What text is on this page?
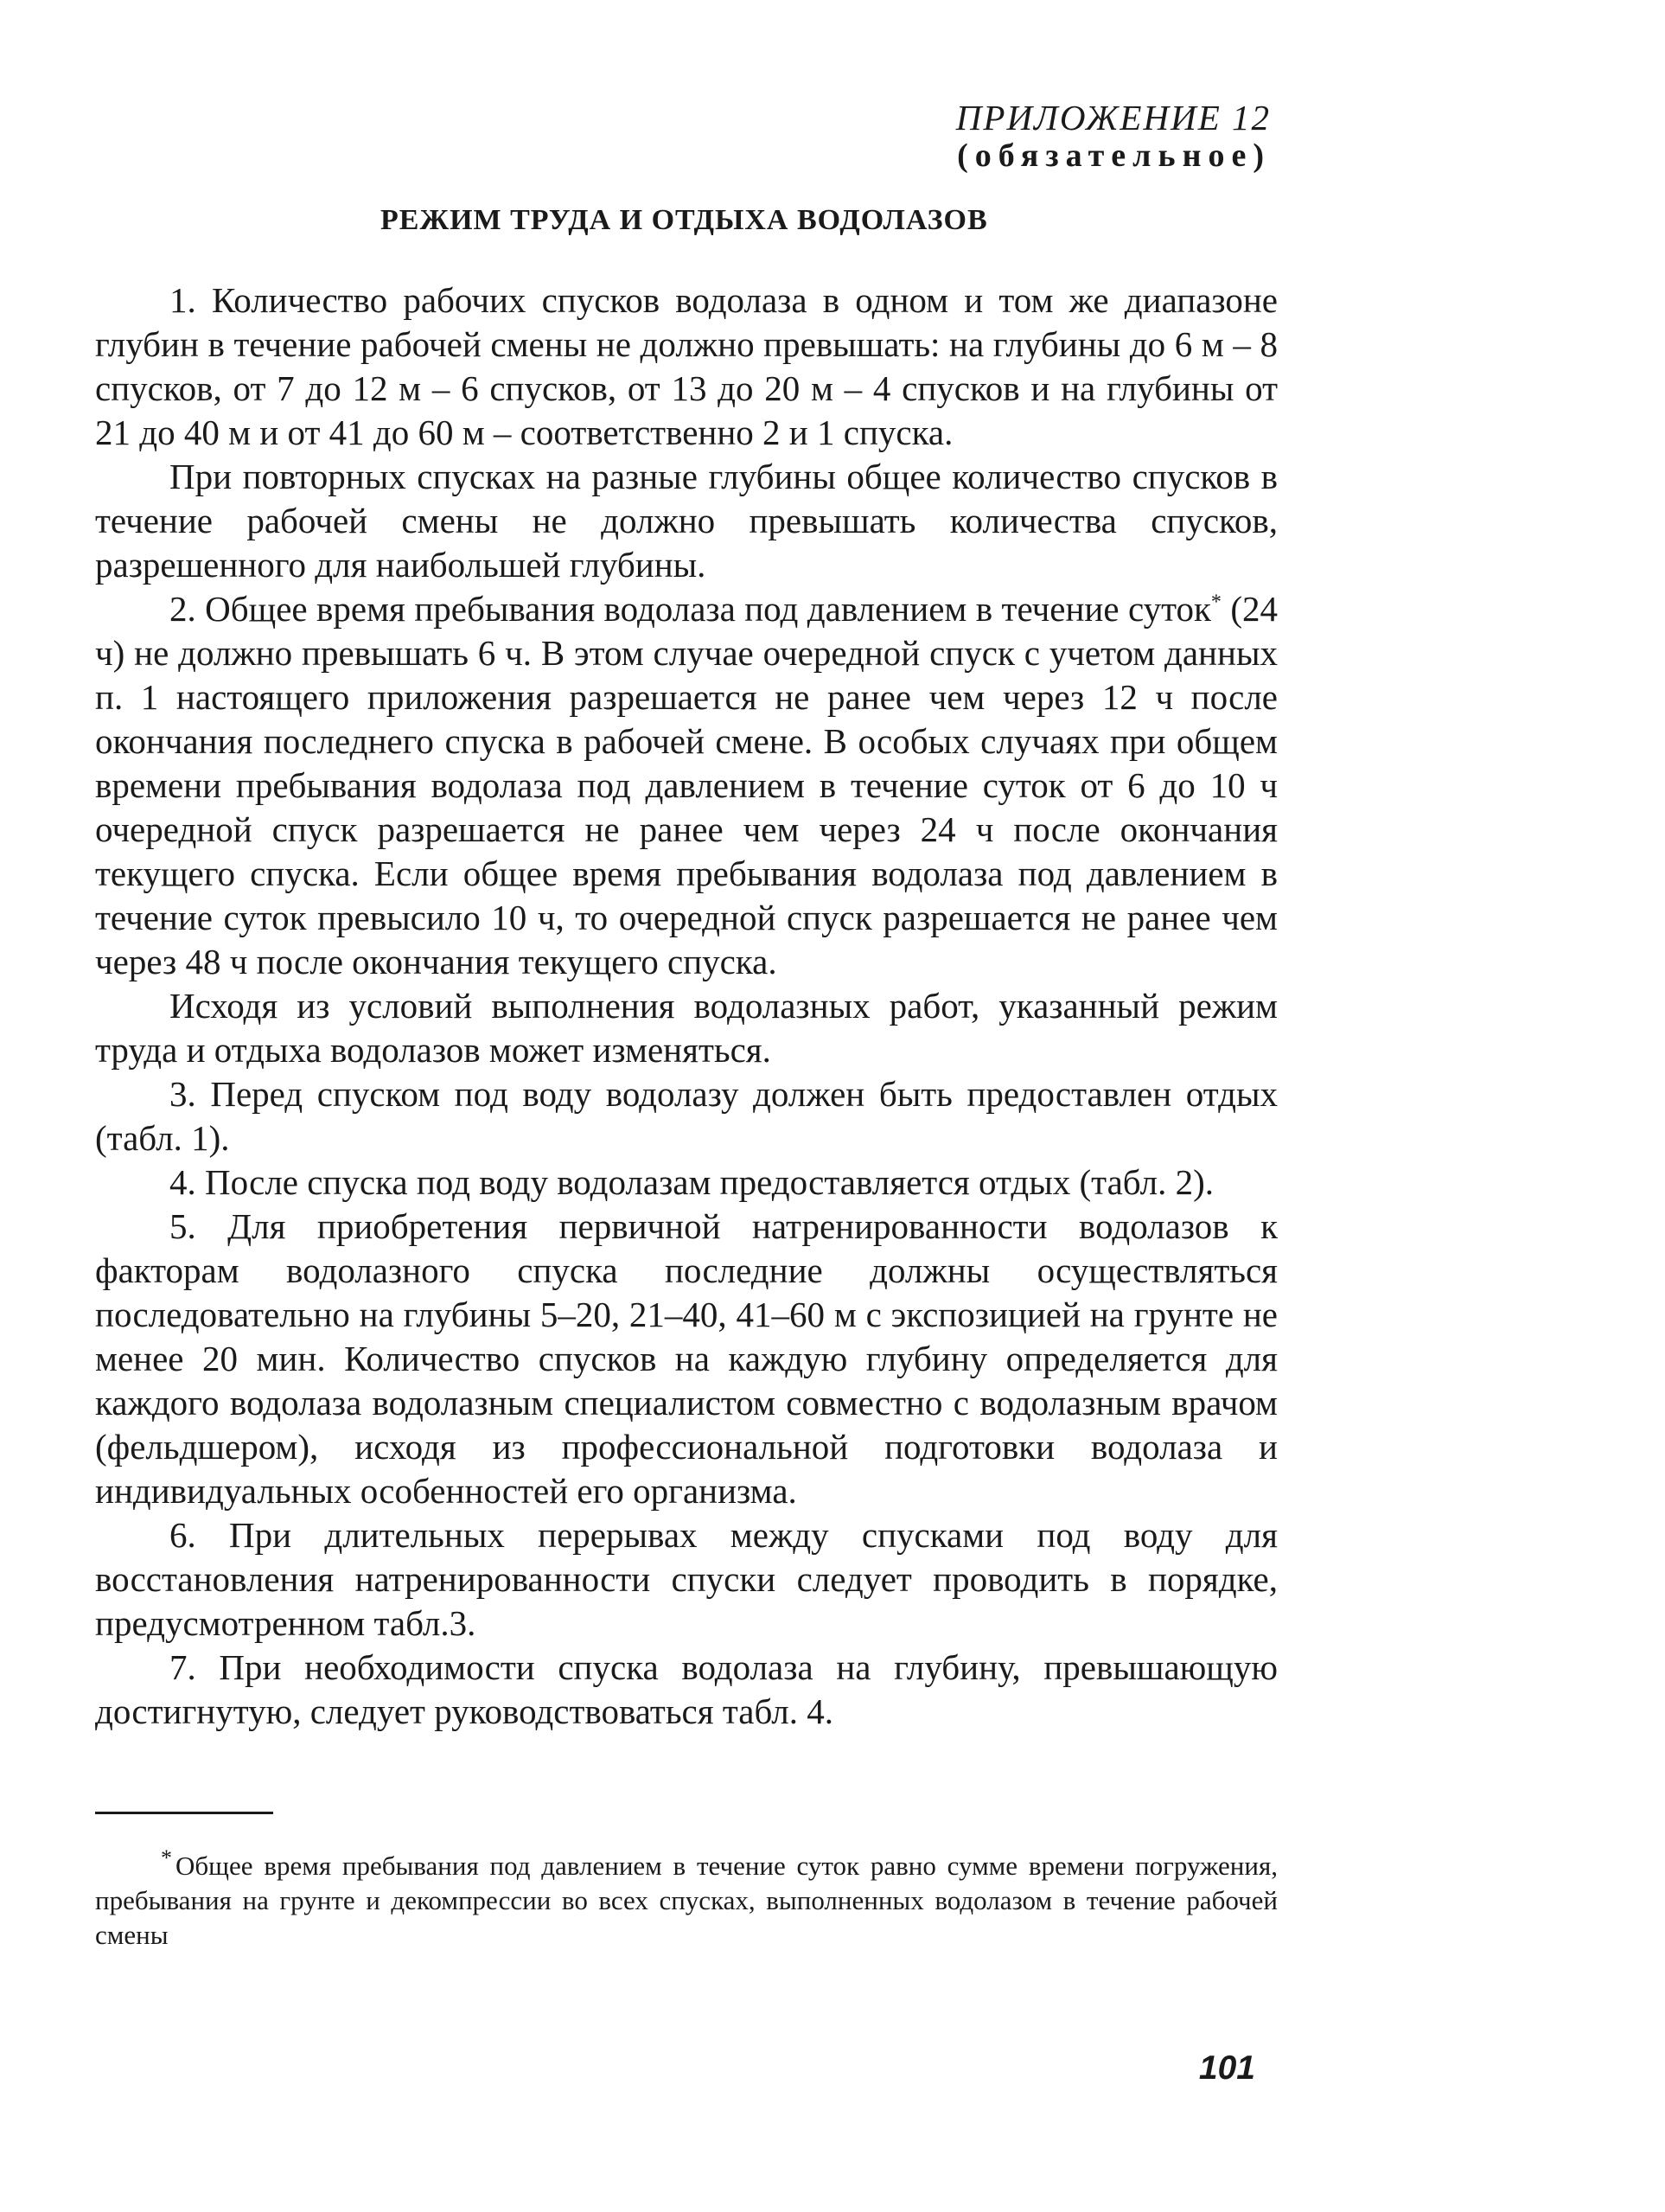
ПРИЛОЖЕНИЕ 12
(обязательное)
РЕЖИМ ТРУДА И ОТДЫХА ВОДОЛАЗОВ

1. Количество рабочих спусков водолаза в одном и том же диапазоне глубин в течение рабочей смены не должно превышать: на глубины до 6 м – 8 спусков, от 7 до 12 м – 6 спусков, от 13 до 20 м – 4 спусков и на глубины от 21 до 40 м и от 41 до 60 м – соответственно 2 и 1 спуска.

При повторных спусках на разные глубины общее количество спусков в течение рабочей смены не должно превышать количества спусков, разрешенного для наибольшей глубины.

2. Общее время пребывания водолаза под давлением в течение суток* (24 ч) не должно превышать 6 ч. В этом случае очередной спуск с учетом данных п. 1 настоящего приложения разрешается не ранее чем через 12 ч после окончания последнего спуска в рабочей смене. В особых случаях при общем времени пребывания водолаза под давлением в течение суток от 6 до 10 ч очередной спуск разрешается не ранее чем через 24 ч после окончания текущего спуска. Если общее время пребывания водолаза под давлением в течение суток превысило 10 ч, то очередной спуск разрешается не ранее чем через 48 ч после окончания текущего спуска.

Исходя из условий выполнения водолазных работ, указанный режим труда и отдыха водолазов может изменяться.

3. Перед спуском под воду водолазу должен быть предоставлен отдых (табл. 1).

4. После спуска под воду водолазам предоставляется отдых (табл. 2).

5. Для приобретения первичной натренированности водолазов к факторам водолазного спуска последние должны осуществляться последовательно на глубины 5–20, 21–40, 41–60 м с экспозицией на грунте не менее 20 мин. Количество спусков на каждую глубину определяется для каждого водолаза водолазным специалистом совместно с водолазным врачом (фельдшером), исходя из профессиональной подготовки водолаза и индивидуальных особенностей его организма.

6. При длительных перерывах между спусками под воду для восстановления натренированности спуски следует проводить в порядке, предусмотренном табл.3.

7. При необходимости спуска водолаза на глубину, превышающую достигнутую, следует руководствоваться табл. 4.

* Общее время пребывания под давлением в течение суток равно сумме времени погружения, пребывания на грунте и декомпрессии во всех спусках, выполненных водолазом в течение рабочей смены
101
